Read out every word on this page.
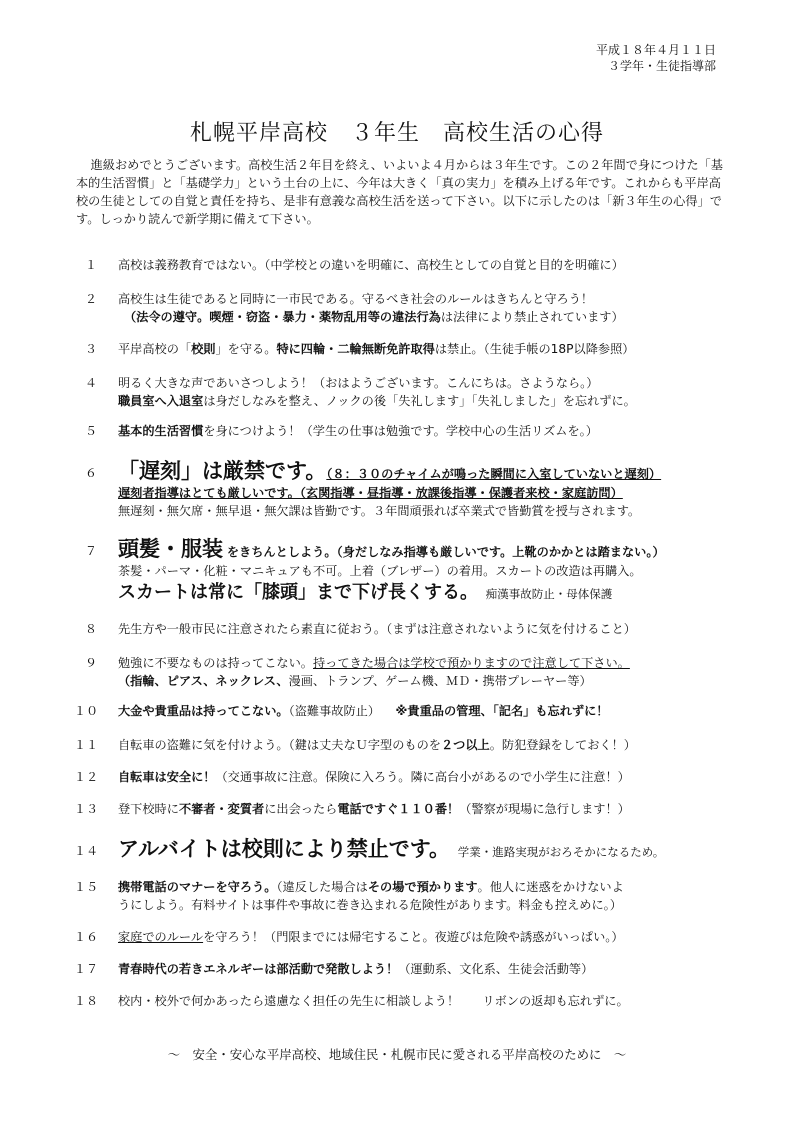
平成１８年４月１１日
３学年・生徒指導部
札幌平岸高校　３年生　高校生活の心得
進級おめでとうございます。高校生活２年目を終え、いよいよ４月からは３年生です。この２年間で身につけた「基本的生活習慣」と「基礎学力」という土台の上に、今年は大きく「真の実力」を積み上げる年です。これからも平岸高校の生徒としての自覚と責任を持ち、是非有意義な高校生活を送って下さい。以下に示したのは「新３年生の心得」です。しっかり読んで新学期に備えて下さい。
１	高校は義務教育ではない。（中学校との違いを明確に、高校生としての自覚と目的を明確に）
２	高校生は生徒であると同時に一市民である。守るべき社会のルールはきちんと守ろう！
（法令の遵守。喫煙・窃盗・暴力・薬物乱用等の違法行為は法律により禁止されています）
３	平岸高校の「校則」を守る。特に四輪・二輪無断免許取得は禁止。（生徒手帳の18P以降参照）
４	明るく大きな声であいさつしよう！（おはようございます。こんにちは。さようなら。）
職員室へ入退室は身だしなみを整え、ノックの後「失礼します」「失礼しました」を忘れずに。
５	基本的生活習慣を身につけよう！（学生の仕事は勉強です。学校中心の生活リズムを。）
６ 「遅刻」は厳禁です。（８：３０のチャイムが鳴った瞬間に入室していないと遅刻）
遅刻者指導はとても厳しいです。（玄関指導・昼指導・放課後指導・保護者来校・家庭訪問）
無遅刻・無欠席・無早退・無欠課は皆勤です。３年間頑張れば卒業式で皆勤賞を授与されます。
７ 頭髪・服装 をきちんとしよう。（身だしなみ指導も厳しいです。上靴のかかとは踏まない。）
茶髪・パーマ・化粧・マニキュアも不可。上着（ブレザー）の着用。スカートの改造は再購入。
スカートは常に「膝頭」まで下げ長くする。 痴漢事故防止・母体保護
８	先生方や一般市民に注意されたら素直に従おう。（まずは注意されないように気を付けること）
９	勉強に不要なものは持ってこない。持ってきた場合は学校で預かりますので注意して下さい。
（指輪、ピアス、ネックレス、漫画、トランプ、ゲーム機、ＭＤ・携帯プレーヤー等）
１０	大金や貴重品は持ってこない。（盗難事故防止） ※貴重品の管理、「記名」も忘れずに！
１１	自転車の盗難に気を付けよう。（鍵は丈夫なＵ字型のものを２つ以上。防犯登録をしておく！）
１２	自転車は安全に！（交通事故に注意。保険に入ろう。隣に高台小があるので小学生に注意！）
１３	登下校時に不審者・変質者に出会ったら電話ですぐ１１０番！（警察が現場に急行します！）
１４ アルバイトは校則により禁止です。 学業・進路実現がおろそかになるため。
１５	携帯電話のマナーを守ろう。（違反した場合はその場で預かります。他人に迷惑をかけないよ
うにしよう。有料サイトは事件や事故に巻き込まれる危険性があります。料金も控えめに。）
１６	家庭でのルールを守ろう！（門限までには帰宅すること。夜遊びは危険や誘惑がいっぱい。）
１７	青春時代の若きエネルギーは部活動で発散しよう！（運動系、文化系、生徒会活動等）
１８	校内・校外で何かあったら遠慮なく担任の先生に相談しよう！ リボンの返却も忘れずに。
～　安全・安心な平岸高校、地域住民・札幌市民に愛される平岸高校のために　～
